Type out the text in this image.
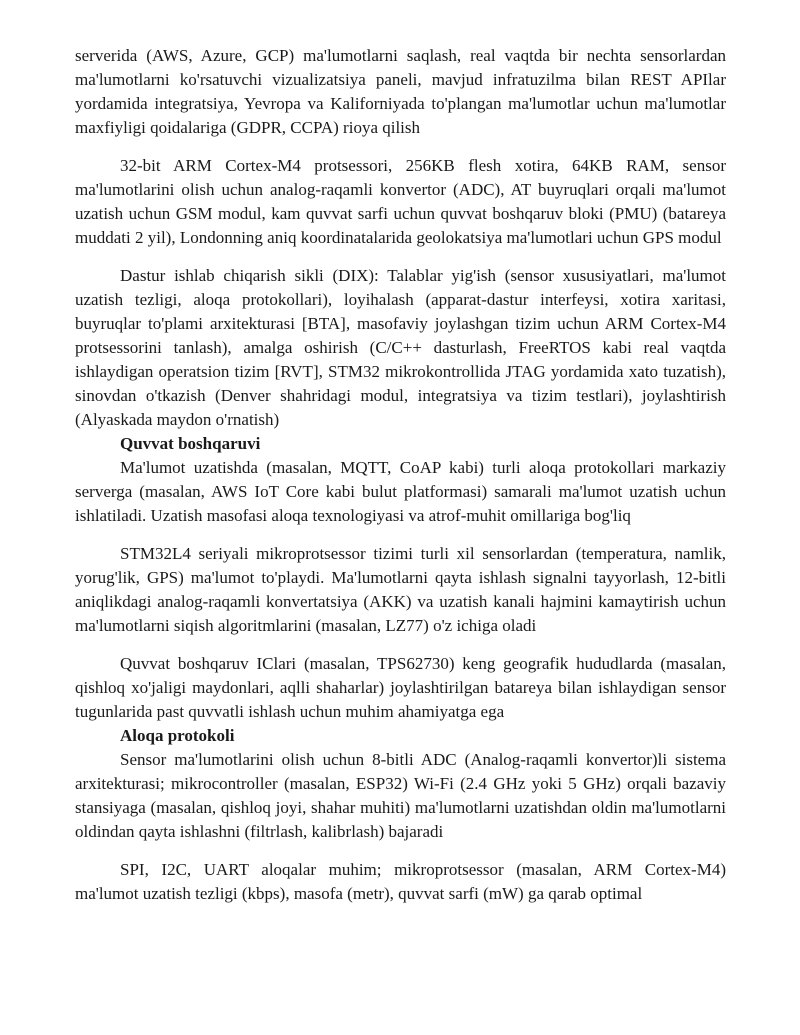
serverida (AWS, Azure, GCP) ma'lumotlarni saqlash, real vaqtda bir nechta sensorlardan ma'lumotlarni ko'rsatuvchi vizualizatsiya paneli, mavjud infratuzilma bilan REST APIlar yordamida integratsiya, Yevropa va Kaliforniyada to'plangan ma'lumotlar uchun ma'lumotlar maxfiyligi qoidalariga (GDPR, CCPA) rioya qilish

32-bit ARM Cortex-M4 protsessori, 256KB flesh xotira, 64KB RAM, sensor ma'lumotlarini olish uchun analog-raqamli konvertor (ADC), AT buyruqlari orqali ma'lumot uzatish uchun GSM modul, kam quvvat sarfi uchun quvvat boshqaruv bloki (PMU) (batareya muddati 2 yil), Londonning aniq koordinatalarida geolokatsiya ma'lumotlari uchun GPS modul

Dastur ishlab chiqarish sikli (DIX): Talablar yig'ish (sensor xususiyatlari, ma'lumot uzatish tezligi, aloqa protokollari), loyihalash (apparat-dastur interfeysi, xotira xaritasi, buyruqlar to'plami arxitekturasi [BTA], masofaviy joylashgan tizim uchun ARM Cortex-M4 protsessorini tanlash), amalga oshirish (C/C++ dasturlash, FreeRTOS kabi real vaqtda ishlaydigan operatsion tizim [RVT], STM32 mikrokontrollida JTAG yordamida xato tuzatish), sinovdan o'tkazish (Denver shahridagi modul, integratsiya va tizim testlari), joylashtirish (Alyaskada maydon o'rnatish)

Quvvat boshqaruvi

Ma'lumot uzatishda (masalan, MQTT, CoAP kabi) turli aloqa protokollari markaziy serverga (masalan, AWS IoT Core kabi bulut platformasi) samarali ma'lumot uzatish uchun ishlatiladi. Uzatish masofasi aloqa texnologiyasi va atrof-muhit omillariga bog'liq

STM32L4 seriyali mikroprotsessor tizimi turli xil sensorlardan (temperatura, namlik, yorug'lik, GPS) ma'lumot to'playdi. Ma'lumotlarni qayta ishlash signalni tayyorlash, 12-bitli aniqlikdagi analog-raqamli konvertatsiya (AKK) va uzatish kanali hajmini kamaytirish uchun ma'lumotlarni siqish algoritmlarini (masalan, LZ77) o'z ichiga oladi

Quvvat boshqaruv IClari (masalan, TPS62730) keng geografik hududlarda (masalan, qishloq xo'jaligi maydonlari, aqlli shaharlar) joylashtirilgan batareya bilan ishlaydigan sensor tugunlarida past quvvatli ishlash uchun muhim ahamiyatga ega

Aloqa protokoli

Sensor ma'lumotlarini olish uchun 8-bitli ADC (Analog-raqamli konvertor)li sistema arxitekturasi; mikrocontroller (masalan, ESP32) Wi-Fi (2.4 GHz yoki 5 GHz) orqali bazaviy stansiyaga (masalan, qishloq joyi, shahar muhiti) ma'lumotlarni uzatishdan oldin ma'lumotlarni oldindan qayta ishlashni (filtrlash, kalibrlash) bajaradi

SPI, I2C, UART aloqalar muhim; mikroprotsessor (masalan, ARM Cortex-M4) ma'lumot uzatish tezligi (kbps), masofa (metr), quvvat sarfi (mW) ga qarab optimal
